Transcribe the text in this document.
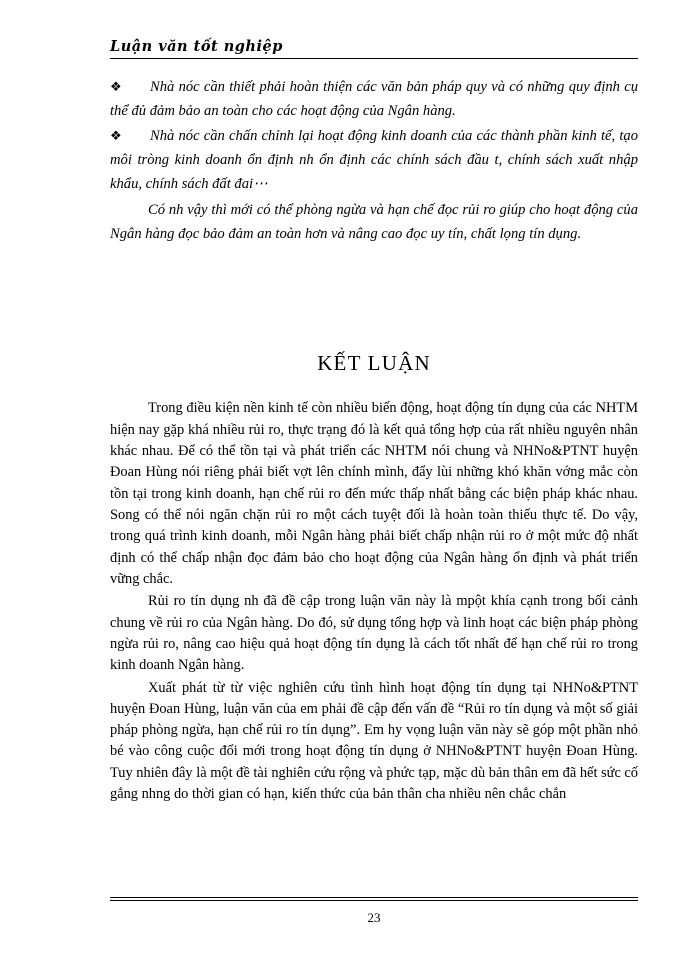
Luận văn tốt nghiệp
❖ Nhà nóc cần thiết phải hoàn thiện các văn bản pháp quy và có những quy định cụ thể đủ đảm bảo an toàn cho các hoạt động của Ngân hàng.
❖ Nhà nóc cần chấn chỉnh lại hoạt động kinh doanh của các thành phần kinh tế, tạo môi tròng kinh doanh ổn định nh ổn định các chính sách đầu t, chính sách xuất nhập khẩu, chính sách đất đai⋯

Có nh vậy thì mới có thể phòng ngừa và hạn chế đọc rủi ro giúp cho hoạt động của Ngân hàng đọc bảo đảm an toàn hơn và nâng cao đọc uy tín, chất lọng tín dụng.

KẾT LUẬN

Trong điều kiện nền kinh tế còn nhiều biến động, hoạt động tín dụng của các NHTM hiện nay gặp khá nhiều rủi ro, thực trạng đó là kết quả tổng hợp của rất nhiều nguyên nhân khác nhau. Để có thể tồn tại và phát triển các NHTM nói chung và NHNo&PTNT huyện Đoan Hùng nói riêng phải biết vợt lên chính mình, đẩy lùi những khó khăn vớng mắc còn tồn tại trong kinh doanh, hạn chế rủi ro đến mức thấp nhất bằng các biện pháp khác nhau. Song có thể nói ngăn chặn rủi ro một cách tuyệt đối là hoàn toàn thiếu thực tế. Do vậy, trong quá trình kinh doanh, mỗi Ngân hàng phải biết chấp nhận rủi ro ở một mức độ nhất định có thể chấp nhận đọc đảm bảo cho hoạt động của Ngân hàng ổn định và phát triển vững chắc.

Rủi ro tín dụng nh đã đề cập trong luận văn này là mpột khía cạnh trong bối cảnh chung về rủi ro của Ngân hàng. Do đó, sử dụng tổng hợp và linh hoạt các biện pháp phòng ngừa rủi ro, nâng cao hiệu quả hoạt động tín dụng là cách tốt nhất để hạn chế rủi ro trong kinh doanh Ngân hàng.

Xuất phát từ từ việc nghiên cứu tình hình hoạt động tín dụng tại NHNo&PTNT huyện Đoan Hùng, luận văn của em phải đề cập đến vấn đề “Rủi ro tín dụng và một số giải pháp phòng ngừa, hạn chế rủi ro tín dụng”. Em hy vọng luận văn này sẽ góp một phần nhỏ bé vào công cuộc đổi mới trong hoạt động tín dụng ở NHNo&PTNT huyện Đoan Hùng. Tuy nhiên đây là một đề tài nghiên cứu rộng và phức tạp, mặc dù bản thân em đã hết sức cố gắng nhng do thời gian có hạn, kiến thức của bản thân cha nhiều nên chắc chắn

23
